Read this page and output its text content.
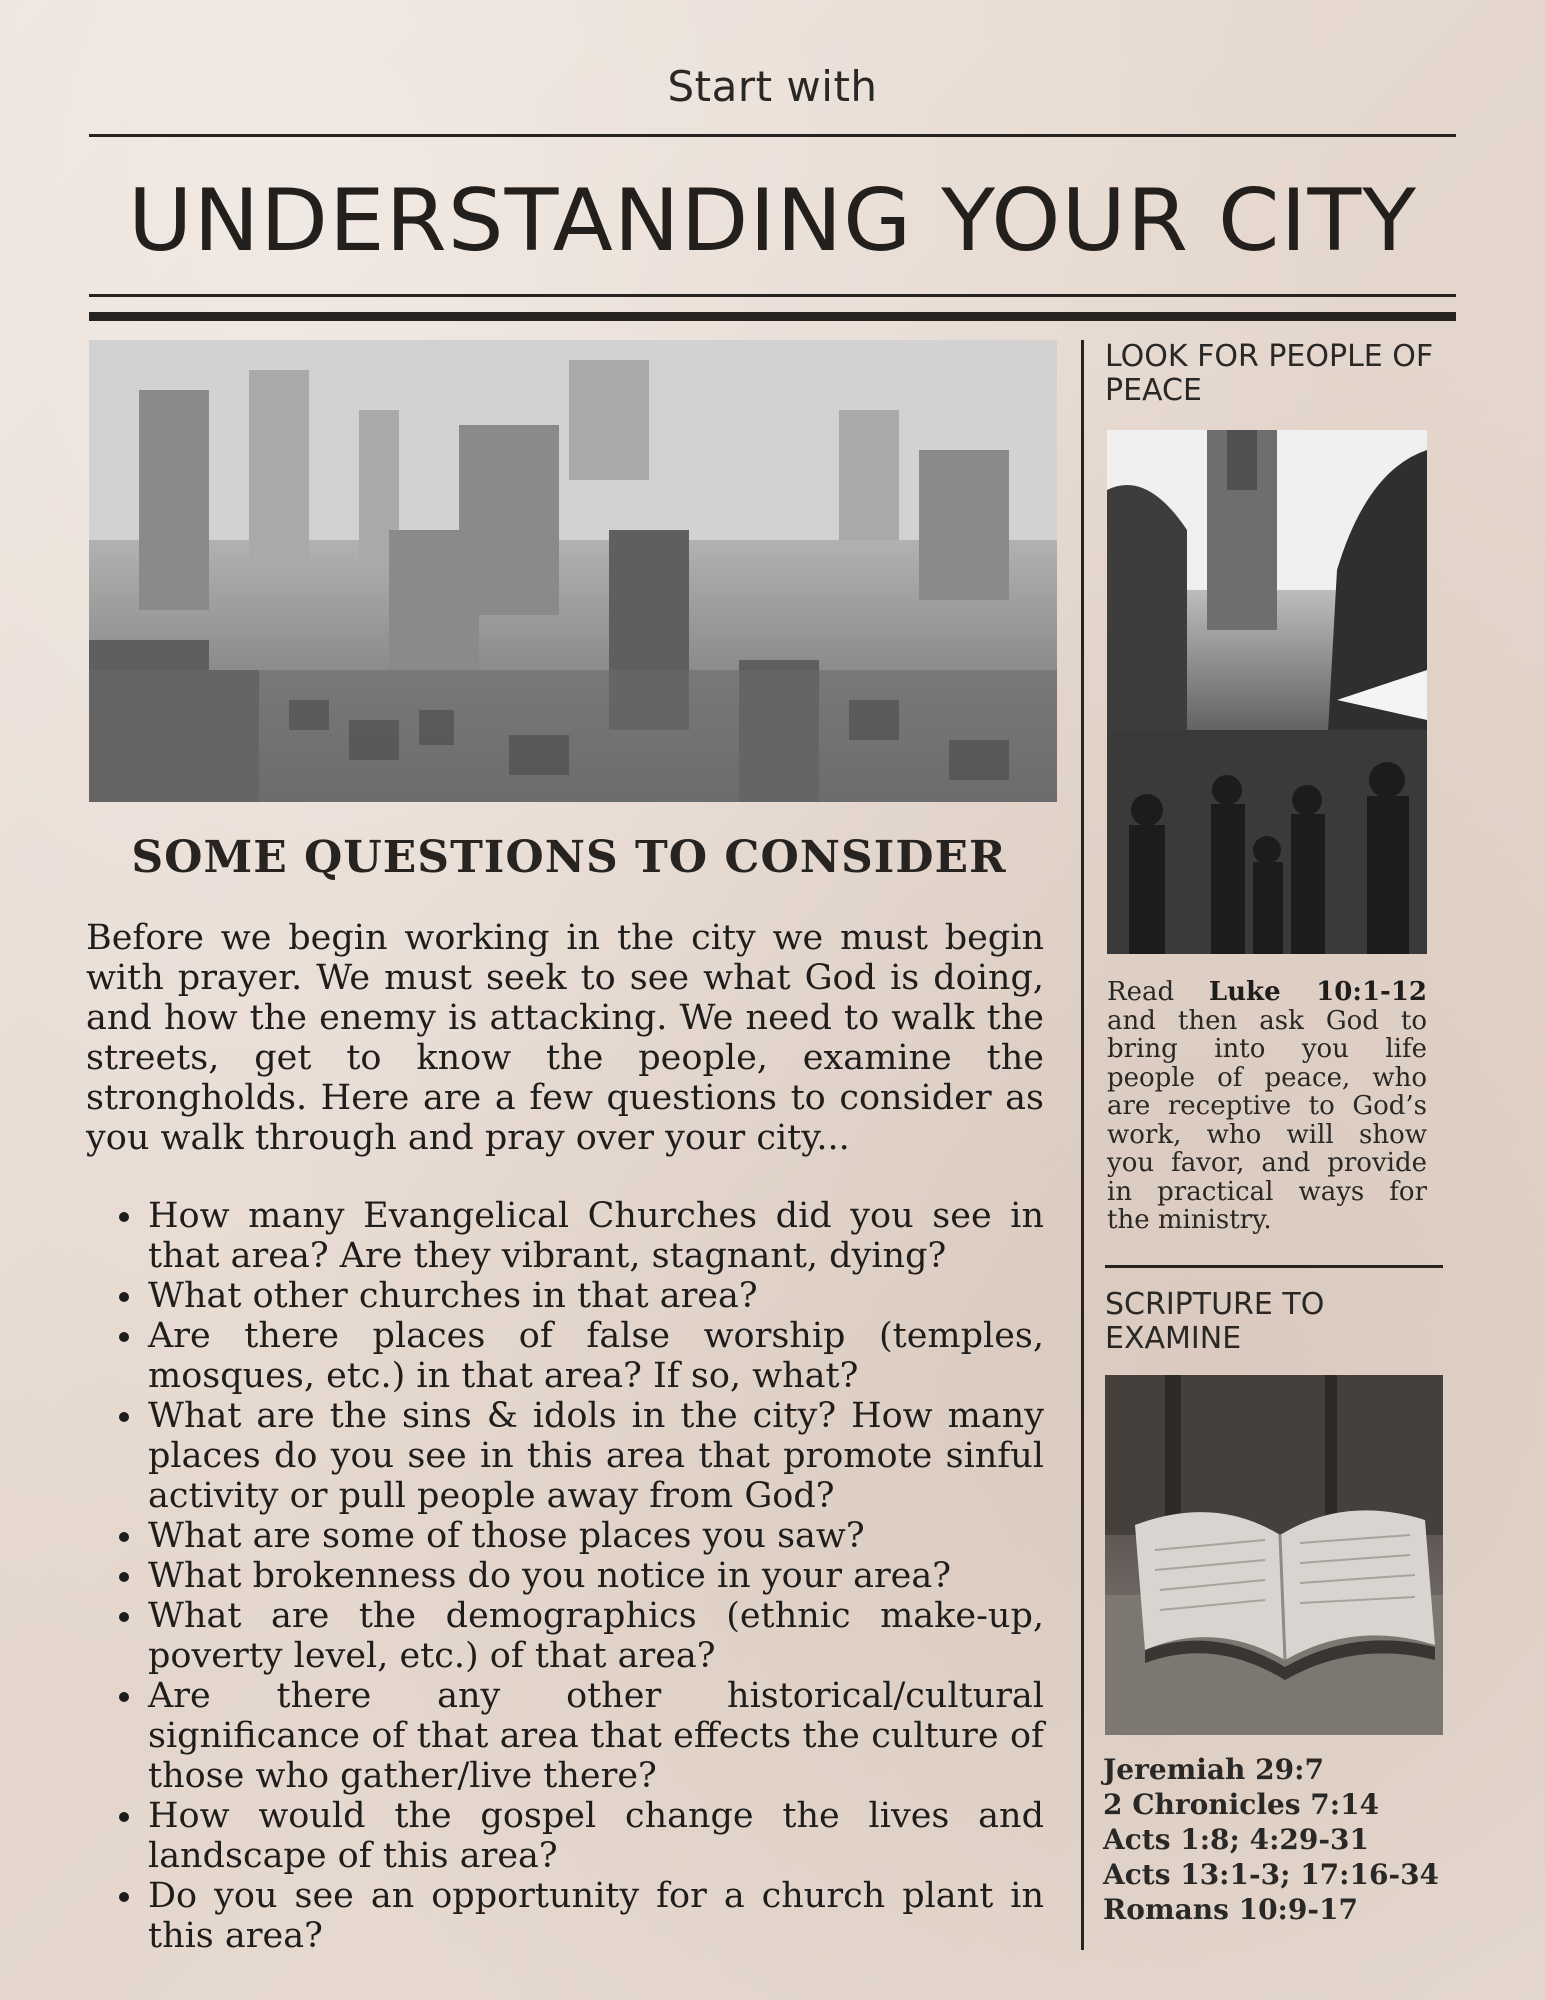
Start with
UNDERSTANDING YOUR CITY
SOME QUESTIONS TO CONSIDER
Before we begin working in the city we must begin with prayer. We must seek to see what God is doing, and how the enemy is attacking. We need to walk the streets, get to know the people, examine the strongholds. Here are a few questions to consider as you walk through and pray over your city...
• How many Evangelical Churches did you see in that area? Are they vibrant, stagnant, dying?
• What other churches in that area?
• Are there places of false worship (temples, mosques, etc.) in that area? If so, what?
• What are the sins & idols in the city? How many places do you see in this area that promote sinful activity or pull people away from God?
• What are some of those places you saw?
• What brokenness do you notice in your area?
• What are the demographics (ethnic make-up, poverty level, etc.) of that area?
• Are there any other historical/cultural significance of that area that effects the culture of those who gather/live there?
• How would the gospel change the lives and landscape of this area?
• Do you see an opportunity for a church plant in this area?
LOOK FOR PEOPLE OF PEACE
Read Luke 10:1-12 and then ask God to bring into you life people of peace, who are receptive to God’s work, who will show you favor, and provide in practical ways for the ministry.
SCRIPTURE TO EXAMINE
Jeremiah 29:7
2 Chronicles 7:14
Acts 1:8; 4:29-31
Acts 13:1-3; 17:16-34
Romans 10:9-17
